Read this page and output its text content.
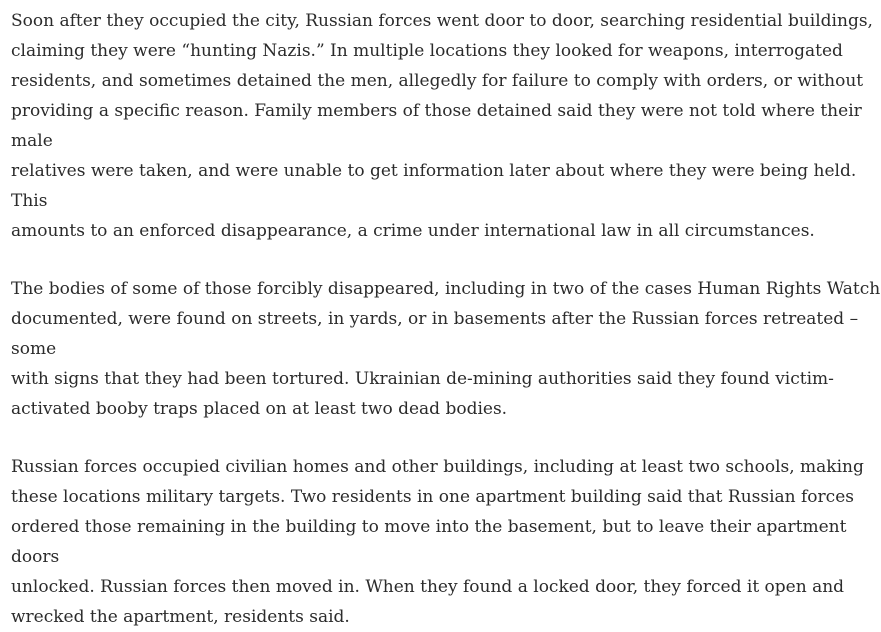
Soon after they occupied the city, Russian forces went door to door, searching residential buildings,
claiming they were “hunting Nazis.” In multiple locations they looked for weapons, interrogated
residents, and sometimes detained the men, allegedly for failure to comply with orders, or without
providing a specific reason. Family members of those detained said they were not told where their male
relatives were taken, and were unable to get information later about where they were being held. This
amounts to an enforced disappearance, a crime under international law in all circumstances.

The bodies of some of those forcibly disappeared, including in two of the cases Human Rights Watch
documented, were found on streets, in yards, or in basements after the Russian forces retreated – some
with signs that they had been tortured. Ukrainian de-mining authorities said they found victim-
activated booby traps placed on at least two dead bodies.

Russian forces occupied civilian homes and other buildings, including at least two schools, making
these locations military targets. Two residents in one apartment building said that Russian forces
ordered those remaining in the building to move into the basement, but to leave their apartment doors
unlocked. Russian forces then moved in. When they found a locked door, they forced it open and
wrecked the apartment, residents said.
